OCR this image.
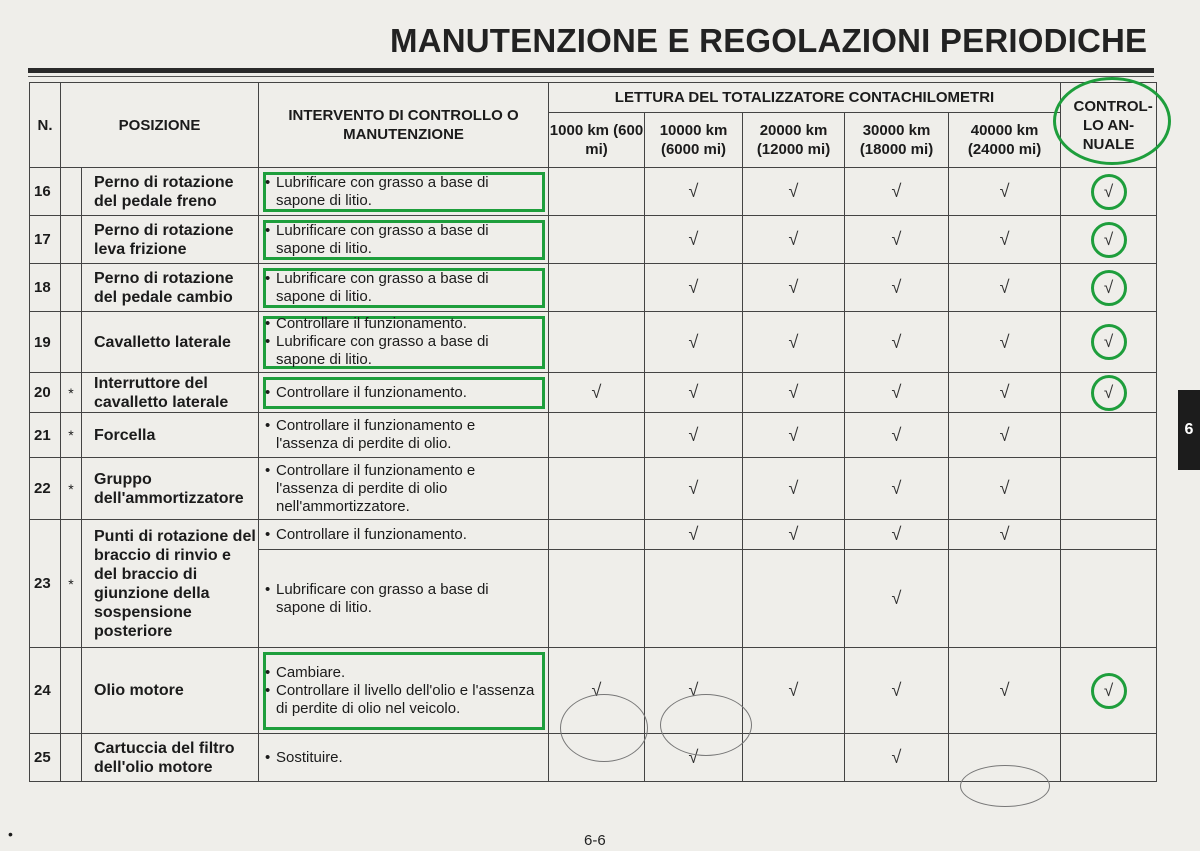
MANUTENZIONE E REGOLAZIONI PERIODICHE
N.	POSIZIONE		INTERVENTO DI CONTROLLO O MANUTENZIONE	LETTURA DEL TOTALIZZATORE CONTACHILOMETRI					CONTROL-LO AN-NUALE
				1000 km (600 mi)	10000 km (6000 mi)	20000 km (12000 mi)	30000 km (18000 mi)	40000 km (24000 mi)	
16		Perno di rotazione del pedale freno	• Lubrificare con grasso a base di sapone di litio.		√	√	√	√	√
17		Perno di rotazione leva frizione	• Lubrificare con grasso a base di sapone di litio.		√	√	√	√	√
18		Perno di rotazione del pedale cambio	• Lubrificare con grasso a base di sapone di litio.		√	√	√	√	√
19		Cavalletto laterale	• Controllare il funzionamento.
• Lubrificare con grasso a base di sapone di litio.		√	√	√	√	√
20	*	Interruttore del cavalletto laterale	• Controllare il funzionamento.	√	√	√	√	√	√
21	*	Forcella	• Controllare il funzionamento e l'assenza di perdite di olio.		√	√	√	√	
22	*	Gruppo dell'ammortizzatore	• Controllare il funzionamento e l'assenza di perdite di olio nell'ammortizzatore.		√	√	√	√	
23	*	Punti di rotazione del braccio di rinvio e del braccio di giunzione della sospensione posteriore	• Controllare il funzionamento.		√	√	√	√	

			• Lubrificare con grasso a base di sapone di litio.				√		
24		Olio motore	• Cambiare.
• Controllare il livello dell'olio e l'assenza di perdite di olio nel veicolo.	√	√	√	√	√	√
25		Cartuccia del filtro dell'olio motore	• Sostituire.		√		√		
6
•	6-6
